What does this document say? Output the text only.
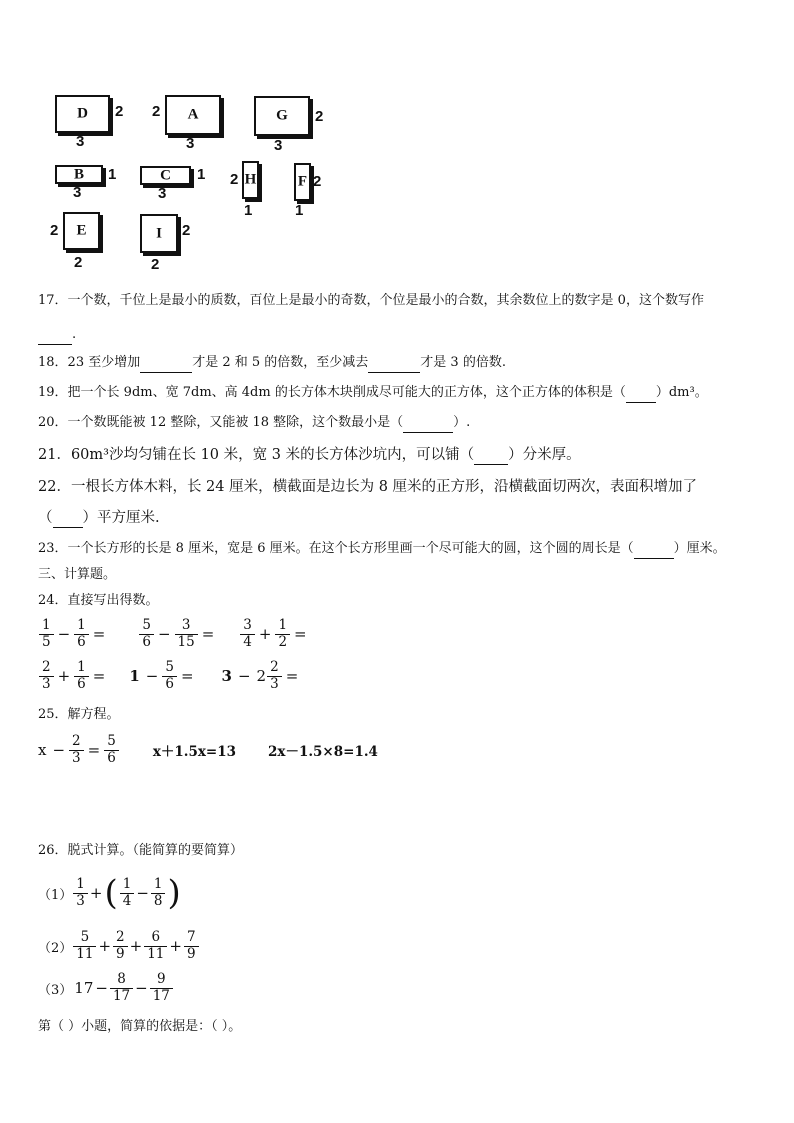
D	2
3
A
2
3
G	2
3
B	1
3
C	1
3
H
2
1
F 2
1
E
2
2
I	2
2
17．一个数，千位上是最小的质数，百位上是最小的奇数，个位是最小的合数，其余数位上的数字是 0，这个数写作
.
18．23 至少增加	才是 2 和 5 的倍数，至少减去	才是 3 的倍数.
19．把一个长 9dm、宽 7dm、高 4dm 的长方体木块削成尽可能大的正方体，这个正方体的体积是（ ）dm³。
20．一个数既能被 12 整除，又能被 18 整除，这个数最小是（	）.
21．60m³沙均匀铺在长 10 米，宽 3 米的长方体沙坑内，可以铺（ ）分米厚。
22．一根长方体木料，长 24 厘米，横截面是边长为 8 厘米的正方形，沿横截面切两次，表面积增加了
（ ）平方厘米.
23．一个长方形的长是 8 厘米，宽是 6 厘米。在这个长方形里画一个尽可能大的圆，这个圆的周长是（	）厘米。
三、计算题。
24．直接写出得数。
$\frac{1}{5} - \frac{1}{6}$ =	$\frac{5}{6} - \frac{3}{15} = \frac{3}{4} + \frac{1}{2}$ =
$\frac{2}{3} + \frac{1}{6} = 1 - \frac{5}{6} = 3 - 2 \frac{2}{3}$ =
25．解方程。
$x - \frac{2}{3} = \frac{5}{6}$	x＋1.5x=13 2x－1.5×8=1.4
26．脱式计算。（能简算的要简算）
$(1) \frac{1}{3}$ + ( $\frac{1}{4} - \frac{1}{8}$ )
$(2) \frac{5}{11} + \frac{2}{9} + \frac{6}{11} + \frac{7}{9}$
（3） $17 - \frac{8}{17} - \frac{9}{17}$
第（ ）小题，简算的依据是：（ ）。
